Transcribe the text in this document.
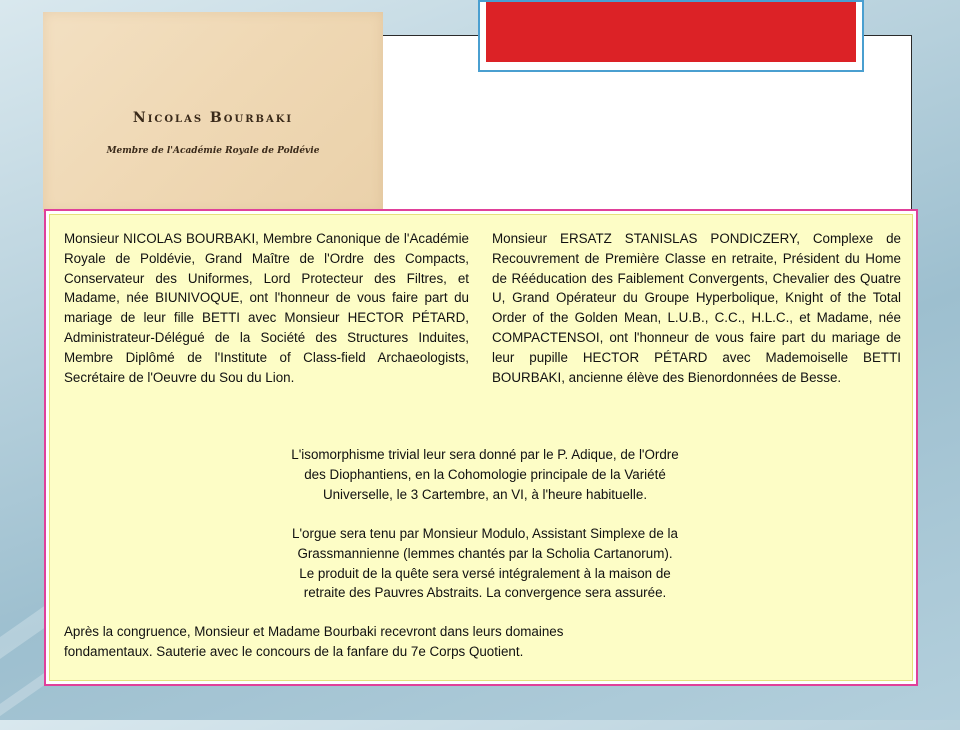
Nicolas Bourbaki
Membre de l'Académie Royale de Poldévie
Monsieur NICOLAS BOURBAKI, Membre Canonique de l'Académie Royale de Poldévie, Grand Maître de l'Ordre des Compacts, Conservateur des Uniformes, Lord Protecteur des Filtres, et Madame, née BIUNIVOQUE, ont l'honneur de vous faire part du mariage de leur fille BETTI avec Monsieur HECTOR PÉTARD, Administrateur-Délégué de la Société des Structures Induites, Membre Diplômé de l'Institute of Class-field Archaeologists, Secrétaire de l'Oeuvre du Sou du Lion.
Monsieur ERSATZ STANISLAS PONDICZERY, Complexe de Recouvrement de Première Classe en retraite, Président du Home de Rééducation des Faiblement Convergents, Chevalier des Quatre U, Grand Opérateur du Groupe Hyperbolique, Knight of the Total Order of the Golden Mean, L.U.B., C.C., H.L.C., et Madame, née COMPACTENSOI, ont l'honneur de vous faire part du mariage de leur pupille HECTOR PÉTARD avec Mademoiselle BETTI BOURBAKI, ancienne élève des Bienordonnées de Besse.
L'isomorphisme trivial leur sera donné par le P. Adique, de l'Ordre
des Diophantiens, en la Cohomologie principale de la Variété
Universelle, le 3 Cartembre, an VI, à l'heure habituelle.
L'orgue sera tenu par Monsieur Modulo, Assistant Simplexe de la
Grassmannienne (lemmes chantés par la Scholia Cartanorum).
Le produit de la quête sera versé intégralement à la maison de
retraite des Pauvres Abstraits. La convergence sera assurée.
Après la congruence, Monsieur et Madame Bourbaki recevront dans leurs domaines
fondamentaux. Sauterie avec le concours de la fanfare du 7e Corps Quotient.
